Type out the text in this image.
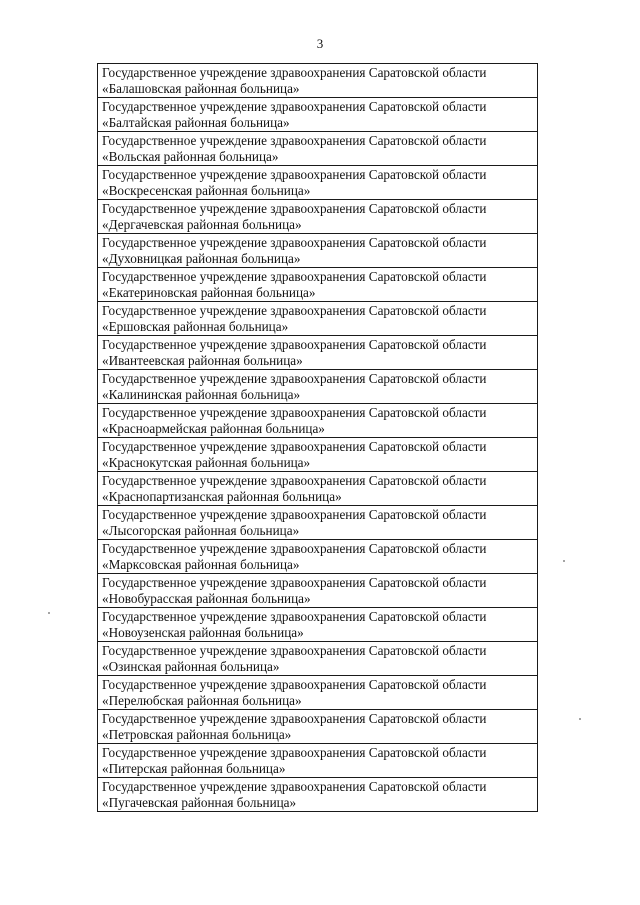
3
Государственное учреждение здравоохранения Саратовской области
«Балашовская районная больница»
Государственное учреждение здравоохранения Саратовской области
«Балтайская районная больница»
Государственное учреждение здравоохранения Саратовской области
«Вольская районная больница»
Государственное учреждение здравоохранения Саратовской области
«Воскресенская районная больница»
Государственное учреждение здравоохранения Саратовской области
«Дергачевская районная больница»
Государственное учреждение здравоохранения Саратовской области
«Духовницкая районная больница»
Государственное учреждение здравоохранения Саратовской области
«Екатериновская районная больница»
Государственное учреждение здравоохранения Саратовской области
«Ершовская районная больница»
Государственное учреждение здравоохранения Саратовской области
«Ивантеевская районная больница»
Государственное учреждение здравоохранения Саратовской области
«Калининская районная больница»
Государственное учреждение здравоохранения Саратовской области
«Красноармейская районная больница»
Государственное учреждение здравоохранения Саратовской области
«Краснокутская районная больница»
Государственное учреждение здравоохранения Саратовской области
«Краснопартизанская районная больница»
Государственное учреждение здравоохранения Саратовской области
«Лысогорская районная больница»
Государственное учреждение здравоохранения Саратовской области
«Марксовская районная больница»
Государственное учреждение здравоохранения Саратовской области
«Новобурасская районная больница»
Государственное учреждение здравоохранения Саратовской области
«Новоузенская районная больница»
Государственное учреждение здравоохранения Саратовской области
«Озинская районная больница»
Государственное учреждение здравоохранения Саратовской области
«Перелюбская районная больница»
Государственное учреждение здравоохранения Саратовской области
«Петровская районная больница»
Государственное учреждение здравоохранения Саратовской области
«Питерская районная больница»
Государственное учреждение здравоохранения Саратовской области
«Пугачевская районная больница»
